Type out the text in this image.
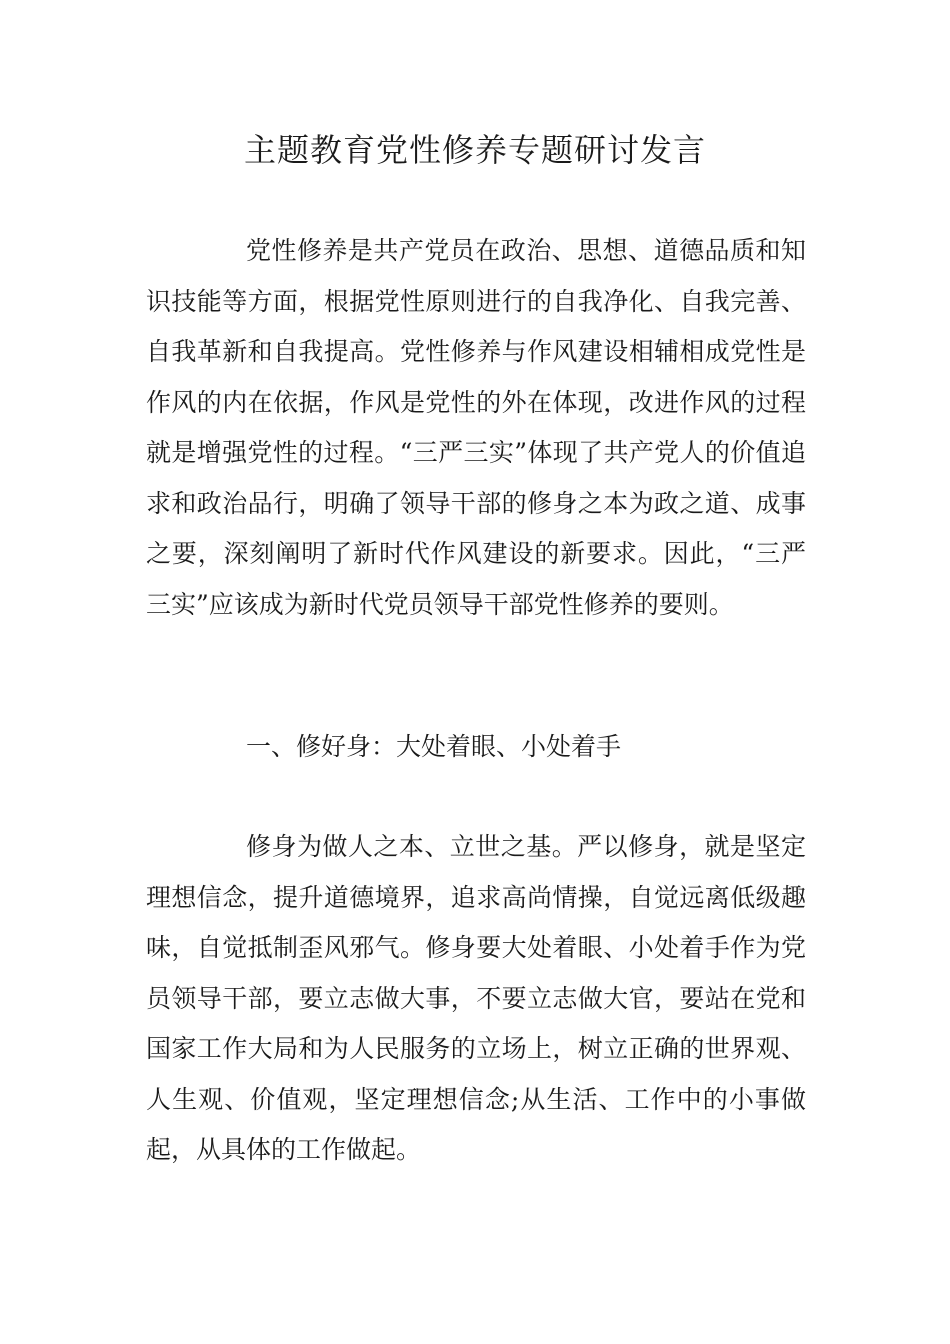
主题教育党性修养专题研讨发言

党性修养是共产党员在政治、思想、道德品质和知识技能等方面，根据党性原则进行的自我净化、自我完善、自我革新和自我提高。党性修养与作风建设相辅相成党性是作风的内在依据，作风是党性的外在体现，改进作风的过程就是增强党性的过程。“三严三实”体现了共产党人的价值追求和政治品行，明确了领导干部的修身之本为政之道、成事之要，深刻阐明了新时代作风建设的新要求。因此，“三严三实”应该成为新时代党员领导干部党性修养的要则。

一、修好身：大处着眼、小处着手

修身为做人之本、立世之基。严以修身，就是坚定理想信念，提升道德境界，追求高尚情操，自觉远离低级趣味，自觉抵制歪风邪气。修身要大处着眼、小处着手作为党员领导干部，要立志做大事，不要立志做大官，要站在党和国家工作大局和为人民服务的立场上，树立正确的世界观、人生观、价值观，坚定理想信念;从生活、工作中的小事做起，从具体的工作做起。
